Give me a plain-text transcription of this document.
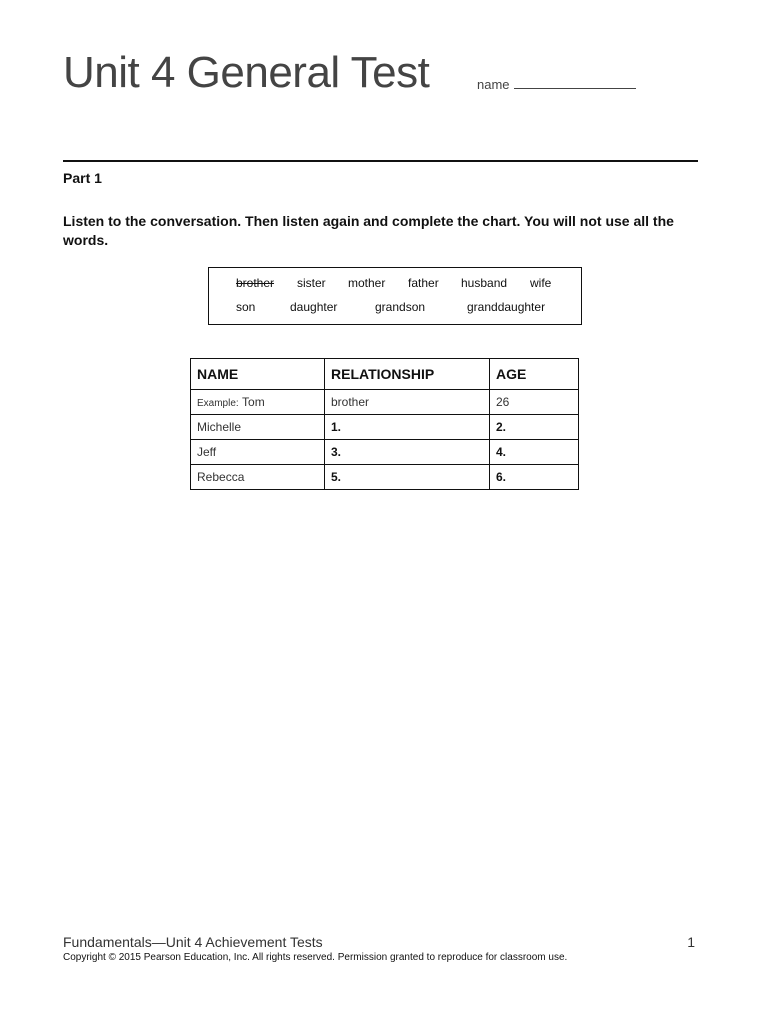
Unit 4 General Test	name
Part 1
Listen to the conversation. Then listen again and complete the chart. You will not use all the words.
brother sister mother father husband wife
son	daughter	grandson	granddaughter
NAME	RELATIONSHIP	AGE
Example: Tom	brother	26
Michelle	1.	2.
Jeff	3.	4.
Rebecca	5.	6.
Fundamentals—Unit 4 Achievement Tests	1
Copyright © 2015 Pearson Education, Inc. All rights reserved. Permission granted to reproduce for classroom use.
